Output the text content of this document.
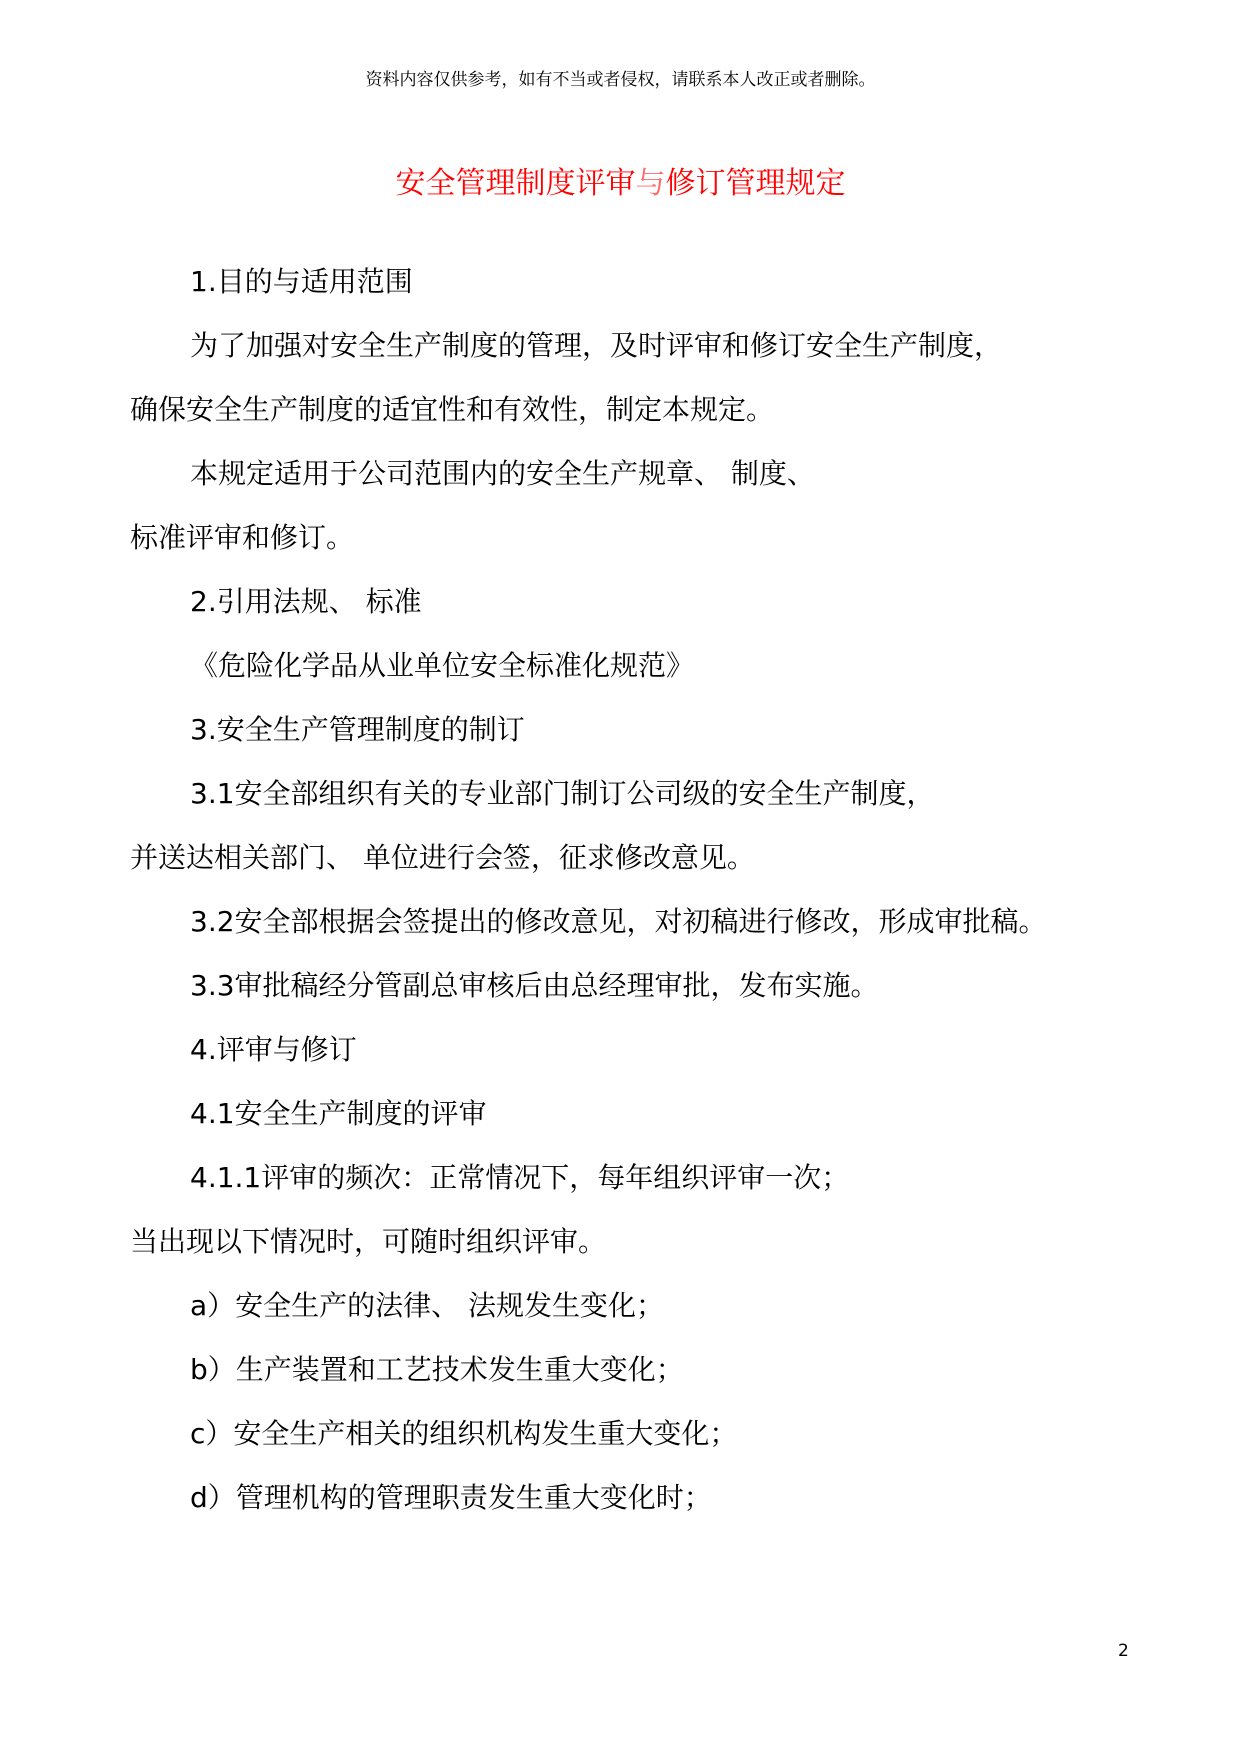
资料内容仅供参考，如有不当或者侵权，请联系本人改正或者删除。
安全管理制度评审与修订管理规定
1.目的与适用范围
为了加强对安全生产制度的管理，及时评审和修订安全生产制度，
确保安全生产制度的适宜性和有效性，制定本规定。
本规定适用于公司范围内的安全生产规章、 制度、
标准评审和修订。
2.引用法规、 标准
《危险化学品从业单位安全标准化规范》
3.安全生产管理制度的制订
3.1安全部组织有关的专业部门制订公司级的安全生产制度，
并送达相关部门、 单位进行会签，征求修改意见。
3.2安全部根据会签提出的修改意见，对初稿进行修改，形成审批稿。
3.3审批稿经分管副总审核后由总经理审批，发布实施。
4.评审与修订
4.1安全生产制度的评审
4.1.1评审的频次：正常情况下，每年组织评审一次；
当出现以下情况时，可随时组织评审。
a）安全生产的法律、 法规发生变化；
b）生产装置和工艺技术发生重大变化；
c）安全生产相关的组织机构发生重大变化；
d）管理机构的管理职责发生重大变化时；
2
